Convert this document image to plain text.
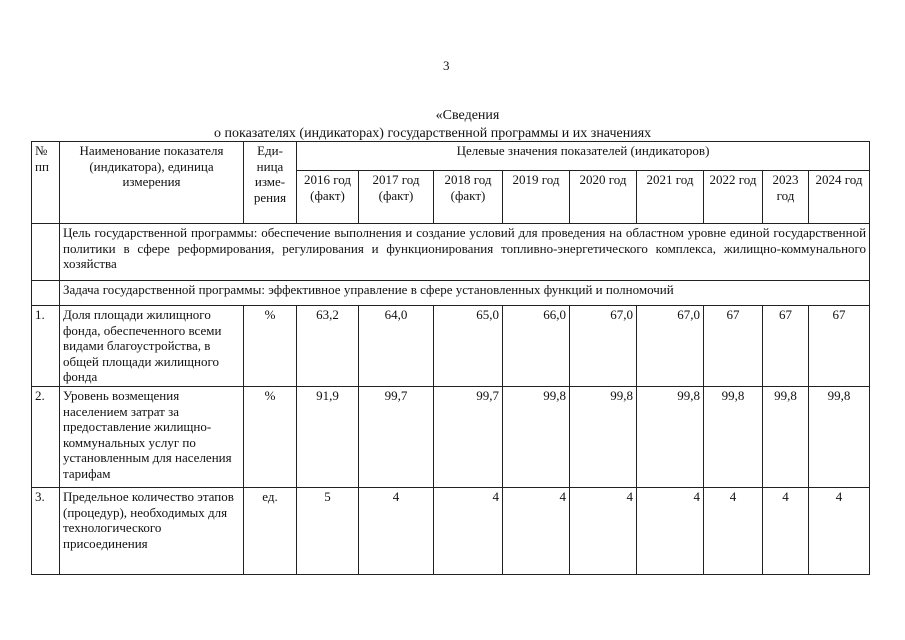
3
«Сведения
о показателях (индикаторах) государственной программы и их значениях
№ пп	Наименование показателя (индикатора), единица измерения	Еди-ница изме-рения	Целевые значения показателей (индикаторов)								
			2016 год (факт)	2017 год (факт)	2018 год (факт)	2019 год	2020 год	2021 год	2022 год	2023 год	2024 год
	Цель государственной программы: обеспечение выполнения и создание условий для проведения на областном уровне единой государственной политики в сфере реформирования, регулирования и функционирования топливно-энергетического комплекса, жилищно-коммунального хозяйства										
	Задача государственной программы: эффективное управление в сфере установленных функций и полномочий										
1.	Доля площади жилищного фонда, обеспеченного всеми видами благоустройства, в общей площади жилищного фонда	%	63,2	64,0	65,0	66,0	67,0	67,0	67	67	67
2.	Уровень возмещения населением затрат за предоставление жилищно-коммунальных услуг по установленным для населения тарифам	%	91,9	99,7	99,7	99,8	99,8	99,8	99,8	99,8	99,8
3.	Предельное количество этапов (процедур), необходимых для технологического присоединения	ед.	5	4	4	4	4	4	4	4	4
